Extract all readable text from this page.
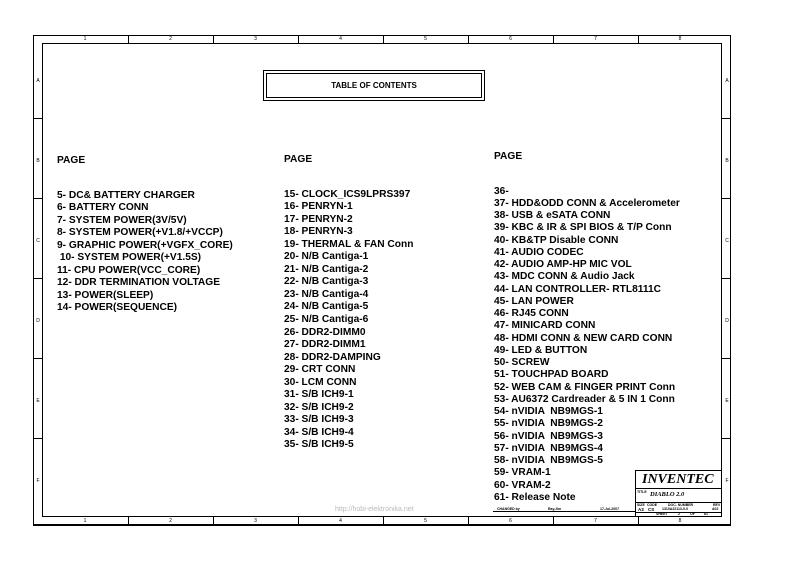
1
1
2
2
3
3
4
4
5
5
6
6
7
7
8
8
A	A
B	B
C	C
D	D
E	E
F	F
TABLE OF CONTENTS

PAGE

5- DC& BATTERY CHARGER
6- BATTERY CONN
7- SYSTEM POWER(3V/5V)
8- SYSTEM POWER(+V1.8/+VCCP)
9- GRAPHIC POWER(+VGFX_CORE)
10- SYSTEM POWER(+V1.5S)
11- CPU POWER(VCC_CORE)
12- DDR TERMINATION VOLTAGE
13- POWER(SLEEP)
14- POWER(SEQUENCE)

PAGE

15- CLOCK_ICS9LPRS397
16- PENRYN-1
17- PENRYN-2
18- PENRYN-3
19- THERMAL & FAN Conn
20- N/B Cantiga-1
21- N/B Cantiga-2
22- N/B Cantiga-3
23- N/B Cantiga-4
24- N/B Cantiga-5
25- N/B Cantiga-6
26- DDR2-DIMM0
27- DDR2-DIMM1
28- DDR2-DAMPING
29- CRT CONN
30- LCM CONN
31- S/B ICH9-1
32- S/B ICH9-2
33- S/B ICH9-3
34- S/B ICH9-4
35- S/B ICH9-5

PAGE

36-
37- HDD&ODD CONN & Accelerometer
38- USB & eSATA CONN
39- KBC & IR & SPI BIOS & T/P Conn
40- KB&TP Disable CONN
41- AUDIO CODEC
42- AUDIO AMP-HP MIC VOL
43- MDC CONN & Audio Jack
44- LAN CONTROLLER- RTL8111C
45- LAN POWER
46- RJ45 CONN
47- MINICARD CONN
48- HDMI CONN & NEW CARD CONN
49- LED & BUTTON
50- SCREW
51- TOUCHPAD BOARD
52- WEB CAM & FINGER PRINT Conn
53- AU6372 Cardreader & 5 IN 1 Conn
54- nVIDIA  NB9MGS-1
55- nVIDIA  NB9MGS-2
56- nVIDIA  NB9MGS-3
57- nVIDIA  NB9MGS-4
58- nVIDIA  NB9MGS-5
59- VRAM-1
60- VRAM-2
61- Release Note

http://hobi-elektronika.net
INVENTEC
TITLE DIABLO 2.0
SIZE
A3
CODE
CS
DOC. NUMBER
1310A22113-0-0
REV
A02
SHEET	2	OF	61
CHANGED by	Ray,Jim	17-Jul-2007
